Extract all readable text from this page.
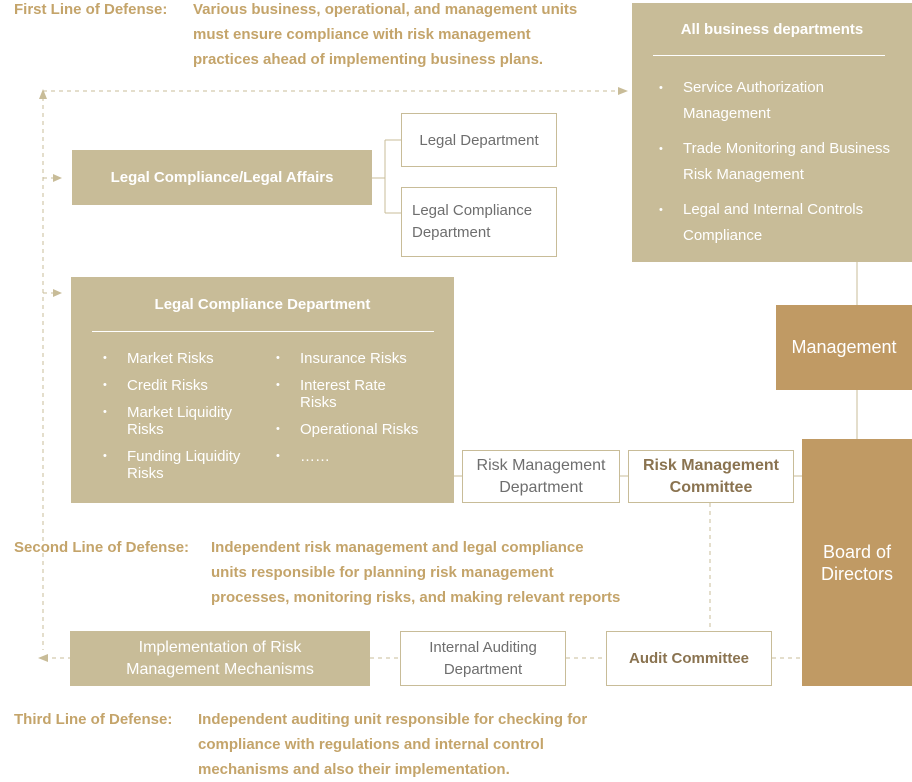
First Line of Defense: Various business, operational, and management units
must ensure compliance with risk management
practices ahead of implementing business plans.
All business departments
• Service Authorization Management
• Trade Monitoring and Business Risk Management
• Legal and Internal Controls Compliance
Legal Compliance/Legal Affairs
Legal Department
Legal Compliance Department
Legal Compliance Department
• Market Risks
• Credit Risks
• Market Liquidity Risks
• Funding Liquidity Risks
• Insurance Risks
• Interest Rate Risks
• Operational Risks
• ……
Management
Board of Directors
Risk Management Department
Risk Management Committee
Second Line of Defense: Independent risk management and legal compliance
units responsible for planning risk management
processes, monitoring risks, and making relevant reports
Implementation of Risk Management Mechanisms
Internal Auditing Department
Audit Committee
Third Line of Defense: Independent auditing unit responsible for checking for
compliance with regulations and internal control
mechanisms and also their implementation.
